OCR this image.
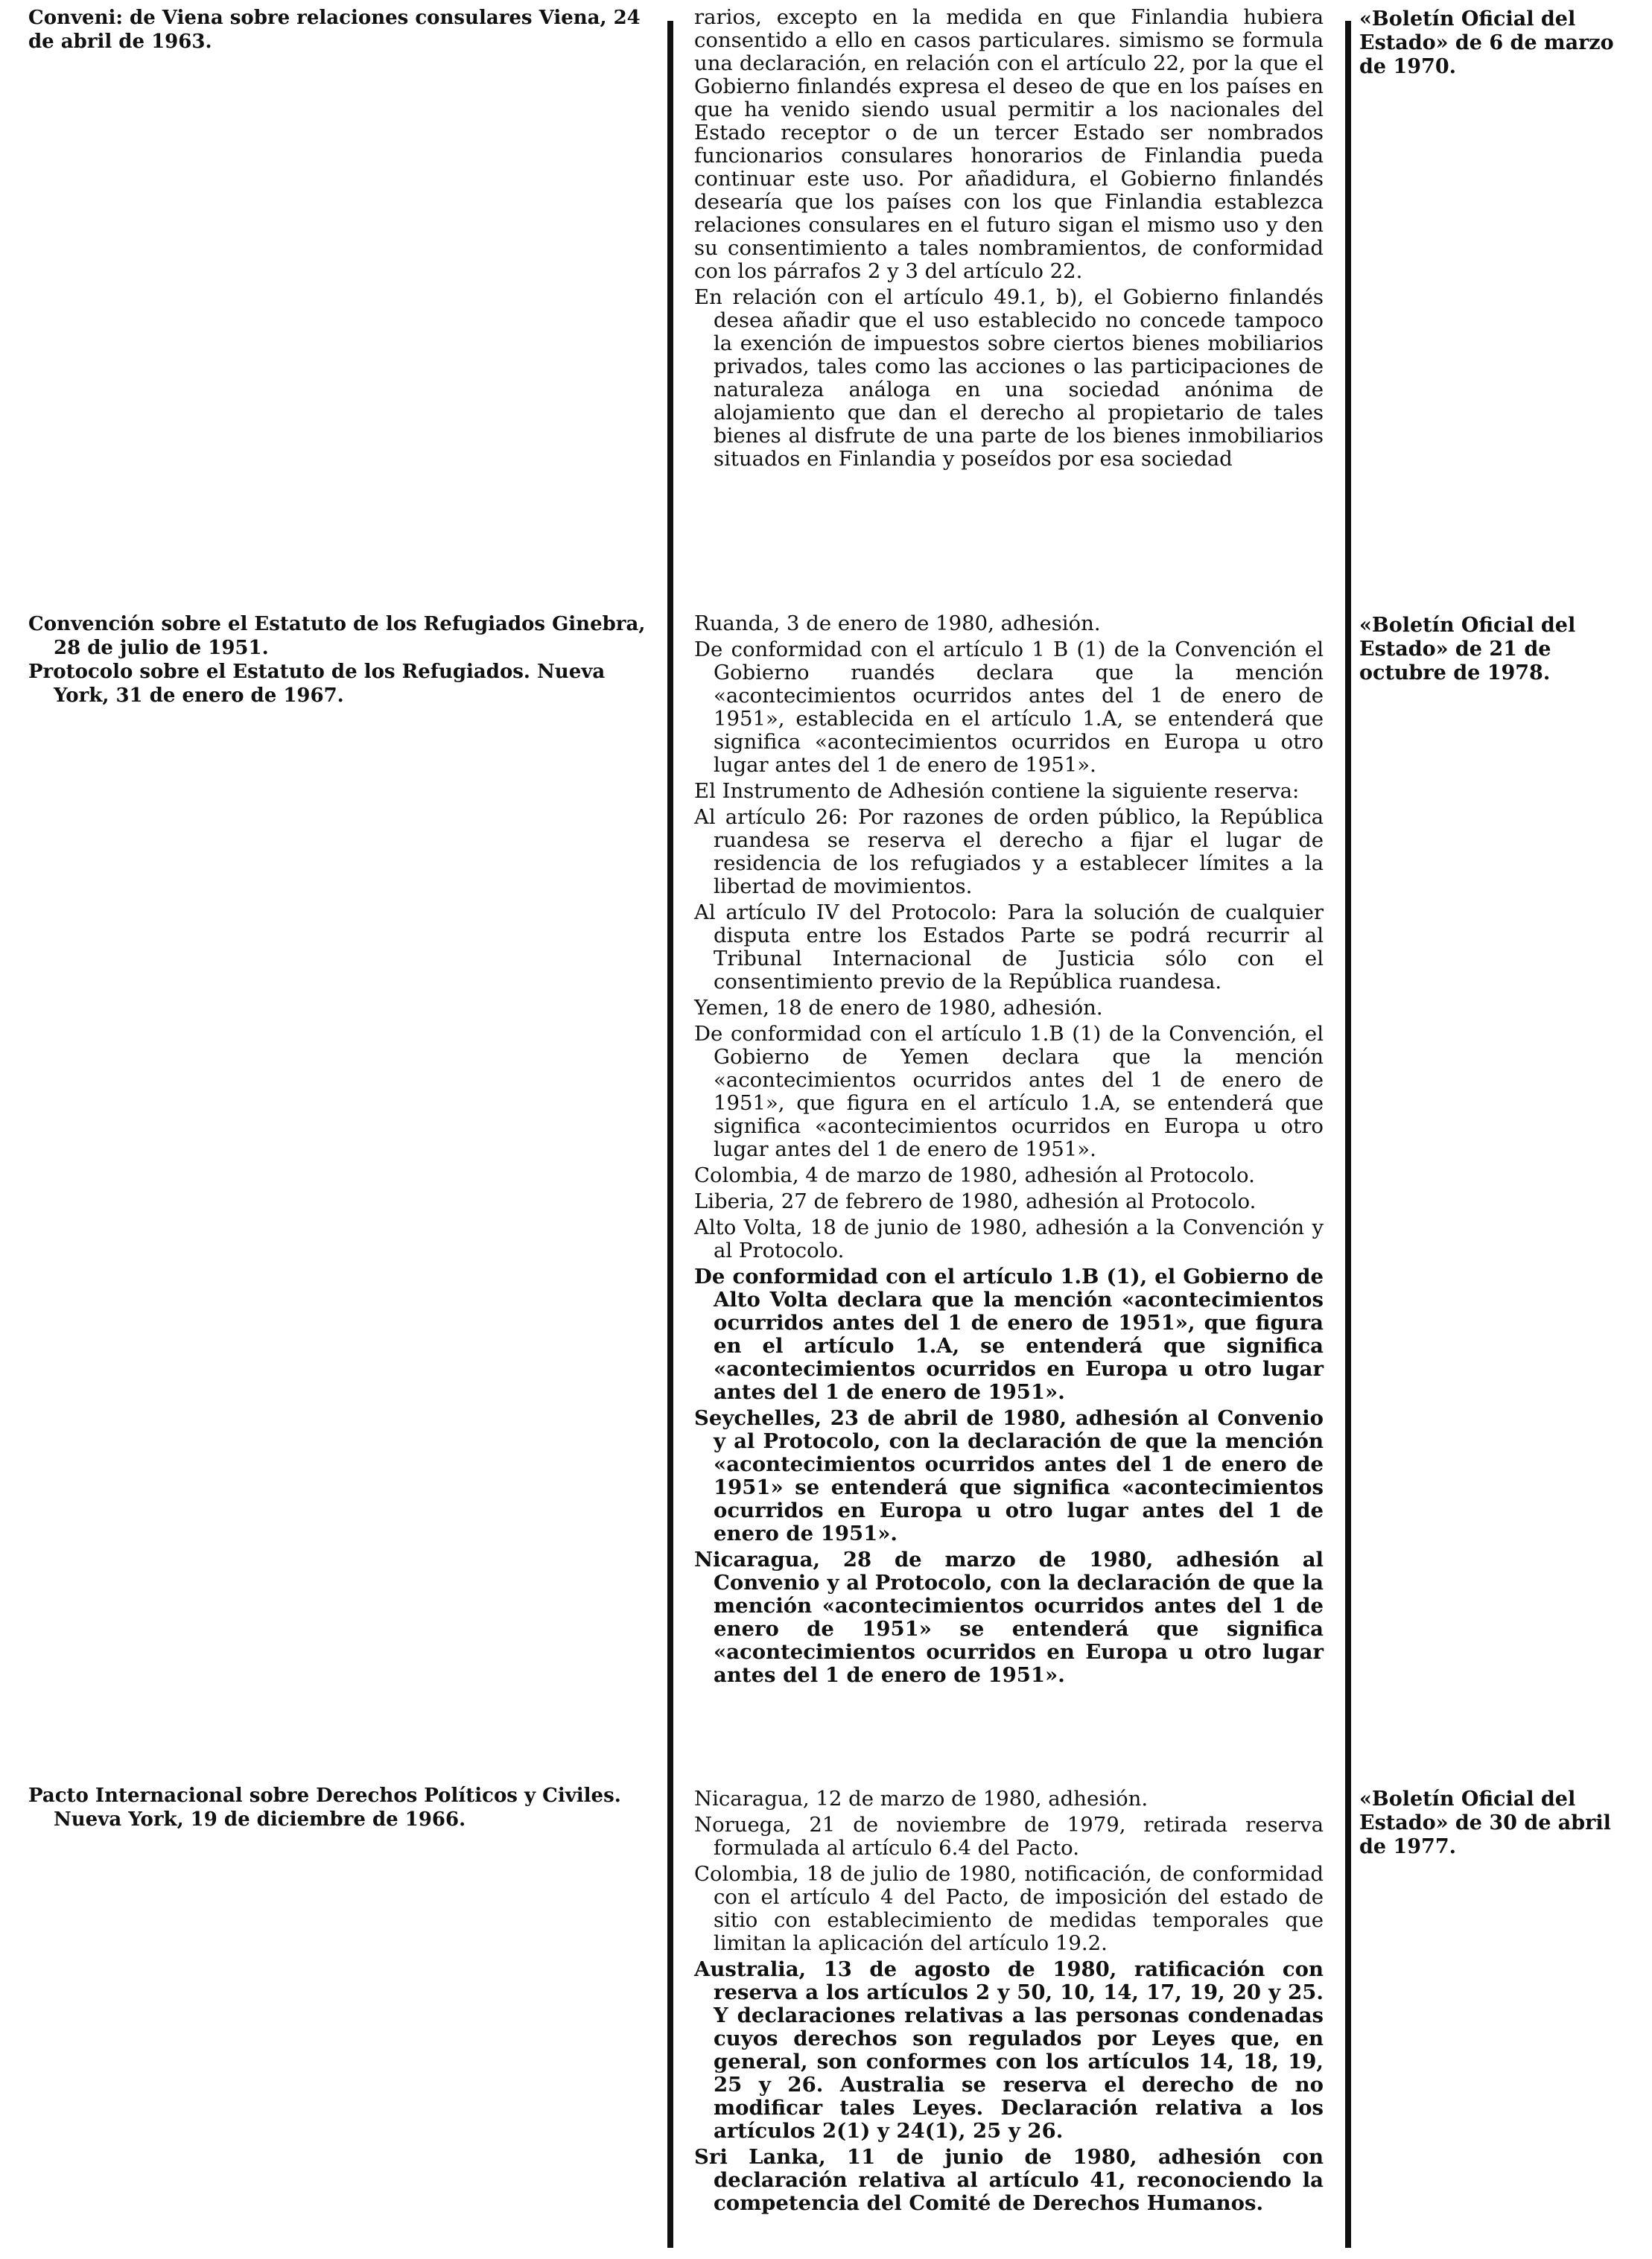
Conveni: de Viena sobre relaciones consulares Viena, 24 de abril de 1963.

rarios, excepto en la medida en que Finlandia hubiera consentido a ello en casos particulares. simismo se formula una declaración, en relación con el artículo 22, por la que el Gobierno finlandés expresa el deseo de que en los países en que ha venido siendo usual permitir a los nacionales del Estado receptor o de un tercer Estado ser nombrados funcionarios consulares honorarios de Finlandia pueda continuar este uso. Por añadidura, el Gobierno finlandés desearía que los países con los que Finlandia establezca relaciones consulares en el futuro sigan el mismo uso y den su consentimiento a tales nombramientos, de conformidad con los párrafos 2 y 3 del artículo 22.

En relación con el artículo 49.1, b), el Gobierno finlandés desea añadir que el uso establecido no concede tampoco la exención de impuestos sobre ciertos bienes mobiliarios privados, tales como las acciones o las participaciones de naturaleza análoga en una sociedad anónima de alojamiento que dan el derecho al propietario de tales bienes al disfrute de una parte de los bienes inmobiliarios situados en Finlandia y poseídos por esa sociedad

«Boletín Oficial del Estado» de 6 de marzo de 1970.

Convención sobre el Estatuto de los Refugiados Ginebra, 28 de julio de 1951.

Protocolo sobre el Estatuto de los Refugiados. Nueva York, 31 de enero de 1967.

Ruanda, 3 de enero de 1980, adhesión.

De conformidad con el artículo 1 B (1) de la Convención el Gobierno ruandés declara que la mención «acontecimientos ocurridos antes del 1 de enero de 1951», establecida en el artículo 1.A, se entenderá que significa «acontecimientos ocurridos en Europa u otro lugar antes del 1 de enero de 1951».

El Instrumento de Adhesión contiene la siguiente reserva:

Al artículo 26: Por razones de orden público, la República ruandesa se reserva el derecho a fijar el lugar de residencia de los refugiados y a establecer límites a la libertad de movimientos.

Al artículo IV del Protocolo: Para la solución de cualquier disputa entre los Estados Parte se podrá recurrir al Tribunal Internacional de Justicia sólo con el consentimiento previo de la República ruandesa.

Yemen, 18 de enero de 1980, adhesión.

De conformidad con el artículo 1.B (1) de la Convención, el Gobierno de Yemen declara que la mención «acontecimientos ocurridos antes del 1 de enero de 1951», que figura en el artículo 1.A, se entenderá que significa «acontecimientos ocurridos en Europa u otro lugar antes del 1 de enero de 1951».

Colombia, 4 de marzo de 1980, adhesión al Protocolo.

Liberia, 27 de febrero de 1980, adhesión al Protocolo.

Alto Volta, 18 de junio de 1980, adhesión a la Convención y al Protocolo.

De conformidad con el artículo 1.B (1), el Gobierno de Alto Volta declara que la mención «acontecimientos ocurridos antes del 1 de enero de 1951», que figura en el artículo 1.A, se entenderá que significa «acontecimientos ocurridos en Europa u otro lugar antes del 1 de enero de 1951».

Seychelles, 23 de abril de 1980, adhesión al Convenio y al Protocolo, con la declaración de que la mención «acontecimientos ocurridos antes del 1 de enero de 1951» se entenderá que significa «acontecimientos ocurridos en Europa u otro lugar antes del 1 de enero de 1951».

Nicaragua, 28 de marzo de 1980, adhesión al Convenio y al Protocolo, con la declaración de que la mención «acontecimientos ocurridos antes del 1 de enero de 1951» se entenderá que significa «acontecimientos ocurridos en Europa u otro lugar antes del 1 de enero de 1951».

«Boletín Oficial del Estado» de 21 de octubre de 1978.

Pacto Internacional sobre Derechos Políticos y Civiles. Nueva York, 19 de diciembre de 1966.

Nicaragua, 12 de marzo de 1980, adhesión.

Noruega, 21 de noviembre de 1979, retirada reserva formulada al artículo 6.4 del Pacto.

Colombia, 18 de julio de 1980, notificación, de conformidad con el artículo 4 del Pacto, de imposición del estado de sitio con establecimiento de medidas temporales que limitan la aplicación del artículo 19.2.

Australia, 13 de agosto de 1980, ratificación con reserva a los artículos 2 y 50, 10, 14, 17, 19, 20 y 25. Y declaraciones relativas a las personas condenadas cuyos derechos son regulados por Leyes que, en general, son conformes con los artículos 14, 18, 19, 25 y 26. Australia se reserva el derecho de no modificar tales Leyes. Declaración relativa a los artículos 2(1) y 24(1), 25 y 26.

Sri Lanka, 11 de junio de 1980, adhesión con declaración relativa al artículo 41, reconociendo la competencia del Comité de Derechos Humanos.

«Boletín Oficial del Estado» de 30 de abril de 1977.
